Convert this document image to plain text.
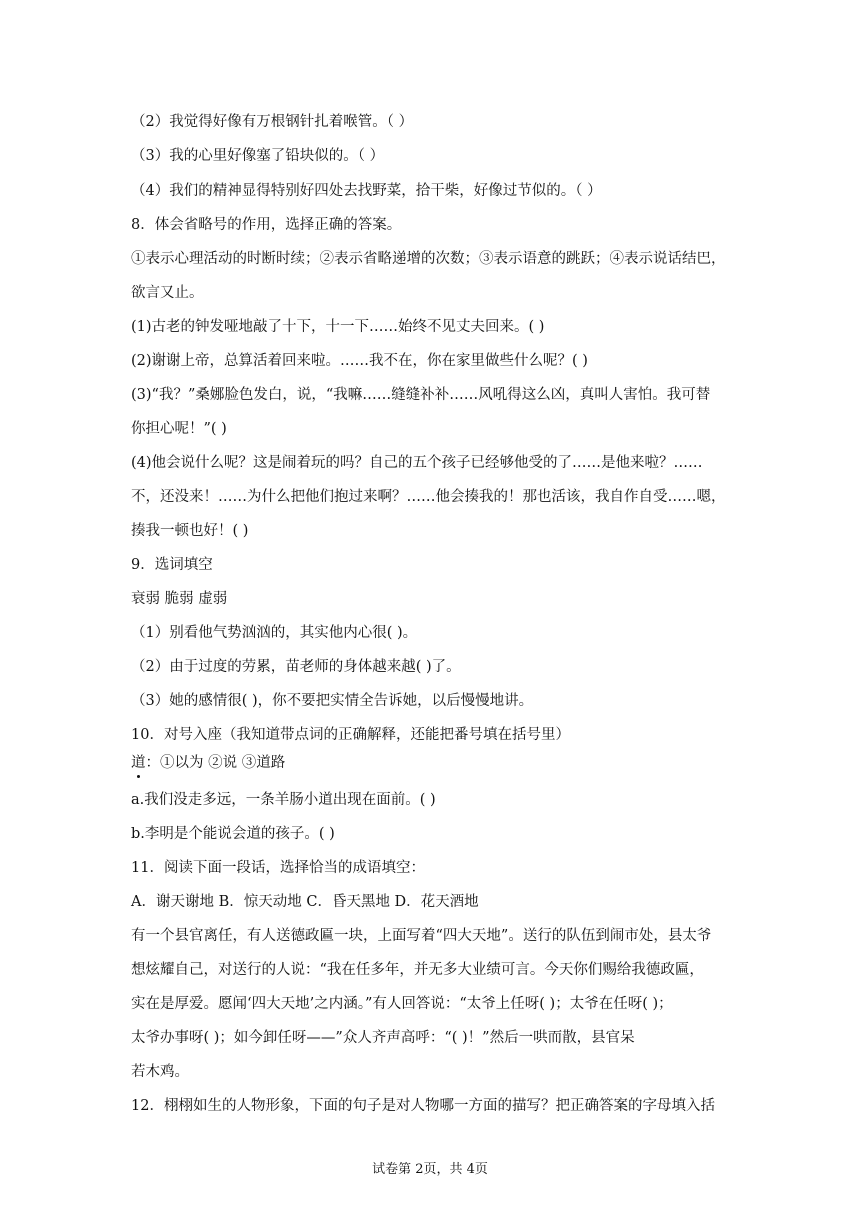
（2）我觉得好像有万根钢针扎着喉管。（ ）
（3）我的心里好像塞了铅块似的。（ ）
（4）我们的精神显得特别好四处去找野菜，拾干柴，好像过节似的。（ ）
8．体会省略号的作用，选择正确的答案。
①表示心理活动的时断时续；②表示省略递增的次数；③表示语意的跳跃；④表示说话结巴，
欲言又止。
(1)古老的钟发哑地敲了十下，十一下……始终不见丈夫回来。( )
(2)谢谢上帝，总算活着回来啦。……我不在，你在家里做些什么呢？( )
(3)“我？”桑娜脸色发白，说，“我嘛……缝缝补补……风吼得这么凶，真叫人害怕。我可替
你担心呢！”( )
(4)他会说什么呢？这是闹着玩的吗？自己的五个孩子已经够他受的了……是他来啦？……
不，还没来！……为什么把他们抱过来啊？……他会揍我的！那也活该，我自作自受……嗯，
揍我一顿也好！( )
9．选词填空
衰弱 脆弱 虚弱
（1）别看他气势汹汹的，其实他内心很( )。
（2）由于过度的劳累，苗老师的身体越来越( )了。
（3）她的感情很( )，你不要把实情全告诉她，以后慢慢地讲。
10．对号入座（我知道带点词的正确解释，还能把番号填在括号里）
道：①以为 ②说 ③道路
a.我们没走多远，一条羊肠小道出现在面前。( )
b.李明是个能说会道的孩子。( )
11．阅读下面一段话，选择恰当的成语填空：
A．谢天谢地 B．惊天动地 C．昏天黑地 D．花天酒地
有一个县官离任，有人送德政匾一块，上面写着“四大天地”。送行的队伍到闹市处，县太爷
想炫耀自己，对送行的人说：“我在任多年，并无多大业绩可言。今天你们赐给我德政匾，
实在是厚爱。愿闻‘四大天地’之内涵。”有人回答说：“太爷上任呀( )；太爷在任呀( )；
太爷办事呀( )；如今卸任呀——”众人齐声高呼：“( )！”然后一哄而散，县官呆
若木鸡。
12．栩栩如生的人物形象，下面的句子是对人物哪一方面的描写？把正确答案的字母填入括
试卷第 2页，共 4页
